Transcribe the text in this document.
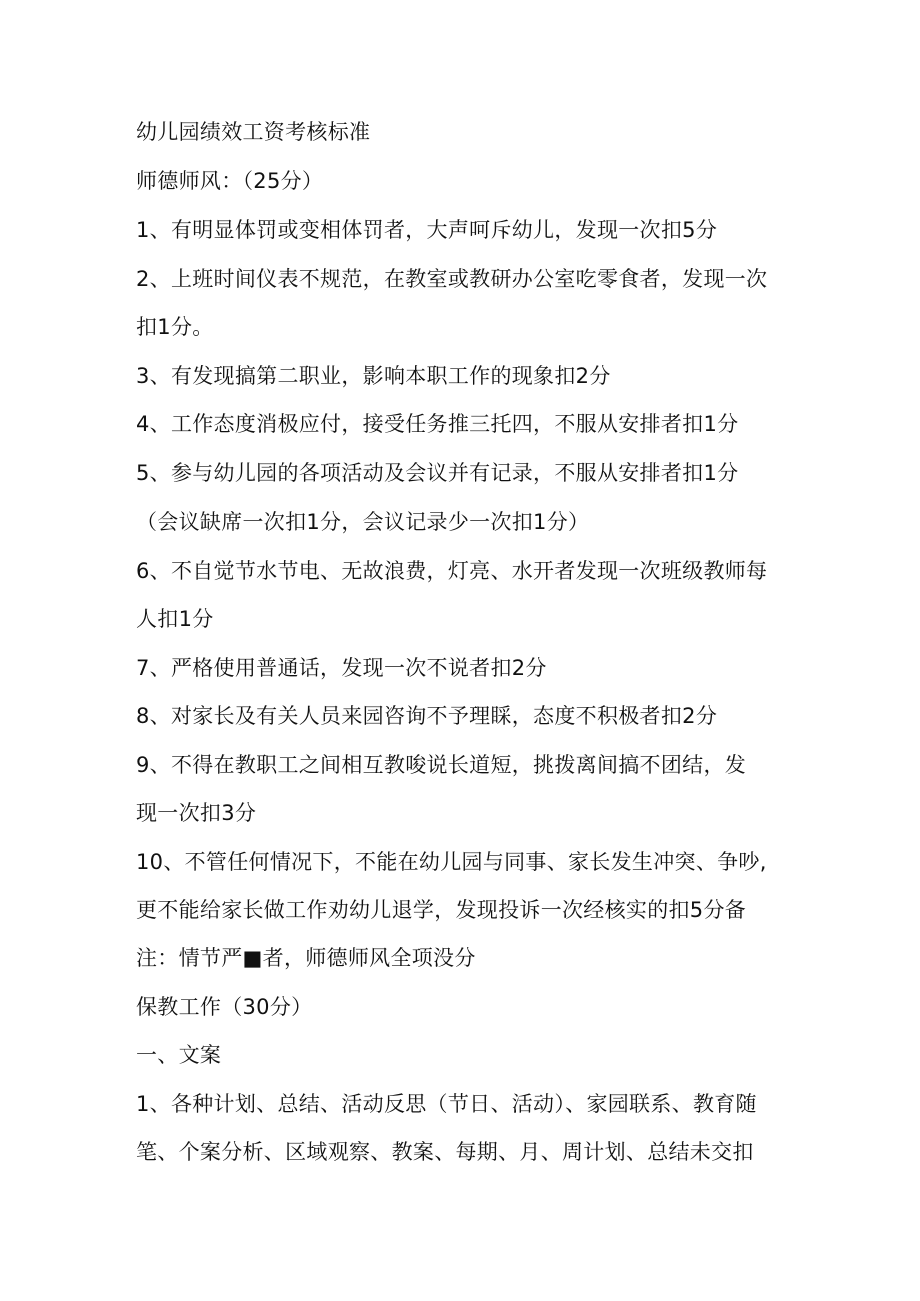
幼儿园绩效工资考核标准
师德师风：（25分）
1、有明显体罚或变相体罚者，大声呵斥幼儿，发现一次扣5分
2、上班时间仪表不规范，在教室或教研办公室吃零食者，发现一次
扣1分。
3、有发现搞第二职业，影响本职工作的现象扣2分
4、工作态度消极应付，接受任务推三托四，不服从安排者扣1分
5、参与幼儿园的各项活动及会议并有记录，不服从安排者扣1分
（会议缺席一次扣1分，会议记录少一次扣1分）
6、不自觉节水节电、无故浪费，灯亮、水开者发现一次班级教师每
人扣1分
7、严格使用普通话，发现一次不说者扣2分
8、对家长及有关人员来园咨询不予理睬，态度不积极者扣2分
9、不得在教职工之间相互教唆说长道短，挑拨离间搞不团结，发
现一次扣3分
10、不管任何情况下，不能在幼儿园与同事、家长发生冲突、争吵,
更不能给家长做工作劝幼儿退学，发现投诉一次经核实的扣5分备
注：情节严■者，师德师风全项没分
保教工作（30分）
一、文案
1、各种计划、总结、活动反思（节日、活动）、家园联系、教育随
笔、个案分析、区域观察、教案、每期、月、周计划、总结未交扣
